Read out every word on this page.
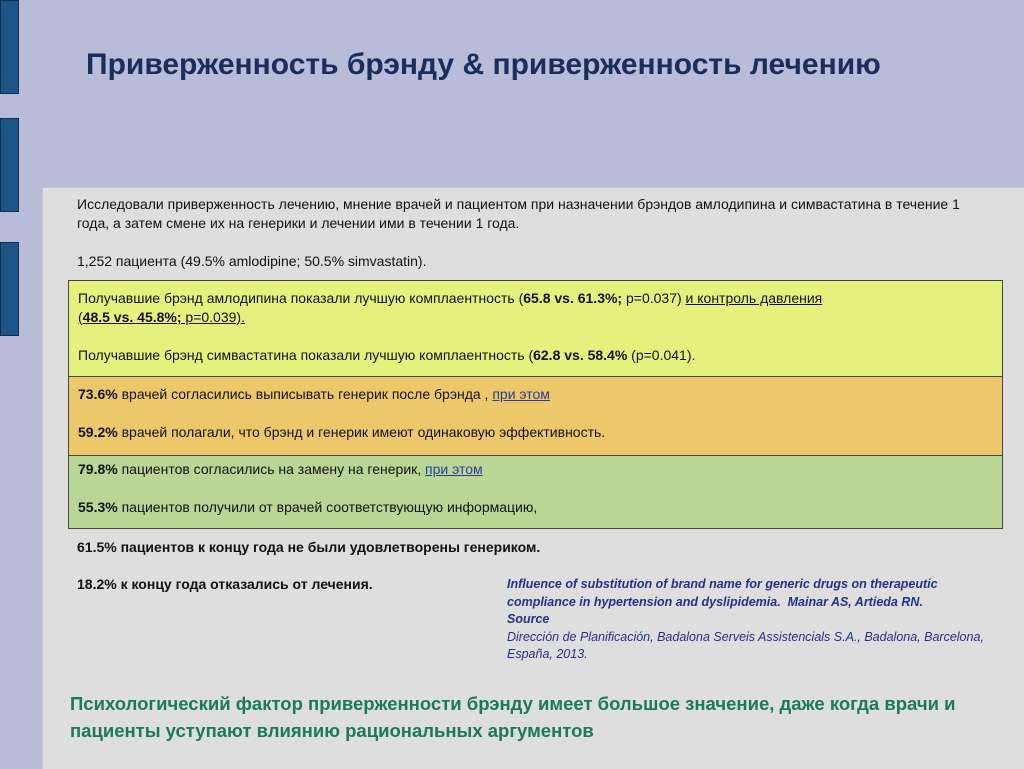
Приверженность брэнду & приверженность лечению
Исследовали приверженность лечению, мнение врачей и пациентом при назначении брэндов амлодипина и симвастатина в течение 1 года, а затем смене их на генерики и лечении ими в течении 1 года.
1,252 пациента (49.5% amlodipine; 50.5% simvastatin).
Получавшие брэнд амлодипина показали лучшую комплаентность (65.8 vs. 61.3%; p=0.037) и контроль давления
(48.5 vs. 45.8%; p=0.039).
Получавшие брэнд симвастатина показали лучшую комплаентность (62.8 vs. 58.4% (p=0.041).
73.6% врачей согласились выписывать генерик после брэнда , при этом
59.2% врачей полагали, что брэнд и генерик имеют одинаковую эффективность.
79.8% пациентов согласились на замену на генерик, при этом
55.3% пациентов получили от врачей соответствующую информацию,
61.5% пациентов к концу года не были удовлетворены генериком.
18.2% к концу года отказались от лечения.	Influence of substitution of brand name for generic drugs on therapeutic compliance in hypertension and dyslipidemia. Mainar AS, Artieda RN.
Source
Dirección de Planificación, Badalona Serveis Assistencials S.A., Badalona, Barcelona, España, 2013.
Психологический фактор приверженности брэнду имеет большое значение, даже когда врачи и пациенты уступают влиянию рациональных аргументов
